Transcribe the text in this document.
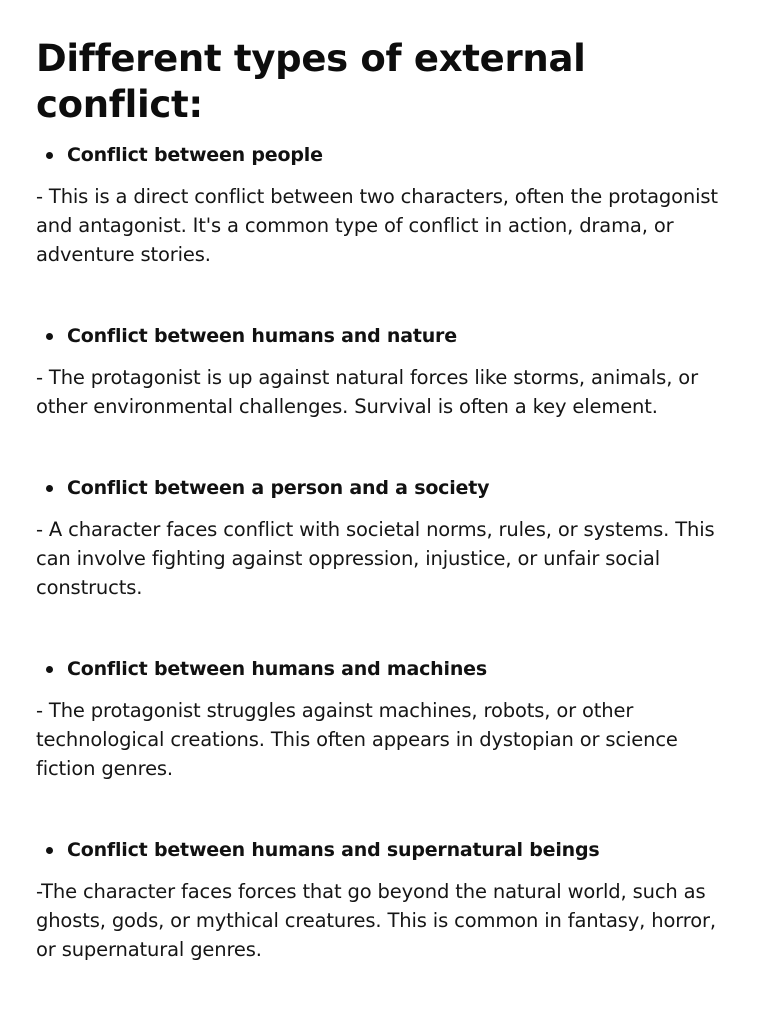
Different types of external conflict:
Conflict between people

- This is a direct conflict between two characters, often the protagonist and antagonist. It's a common type of conflict in action, drama, or adventure stories.

Conflict between humans and nature

- The protagonist is up against natural forces like storms, animals, or other environmental challenges. Survival is often a key element.

Conflict between a person and a society

- A character faces conflict with societal norms, rules, or systems. This can involve fighting against oppression, injustice, or unfair social constructs.

Conflict between humans and machines

- The protagonist struggles against machines, robots, or other technological creations. This often appears in dystopian or science fiction genres.

Conflict between humans and supernatural beings

-The character faces forces that go beyond the natural world, such as ghosts, gods, or mythical creatures. This is common in fantasy, horror, or supernatural genres.
